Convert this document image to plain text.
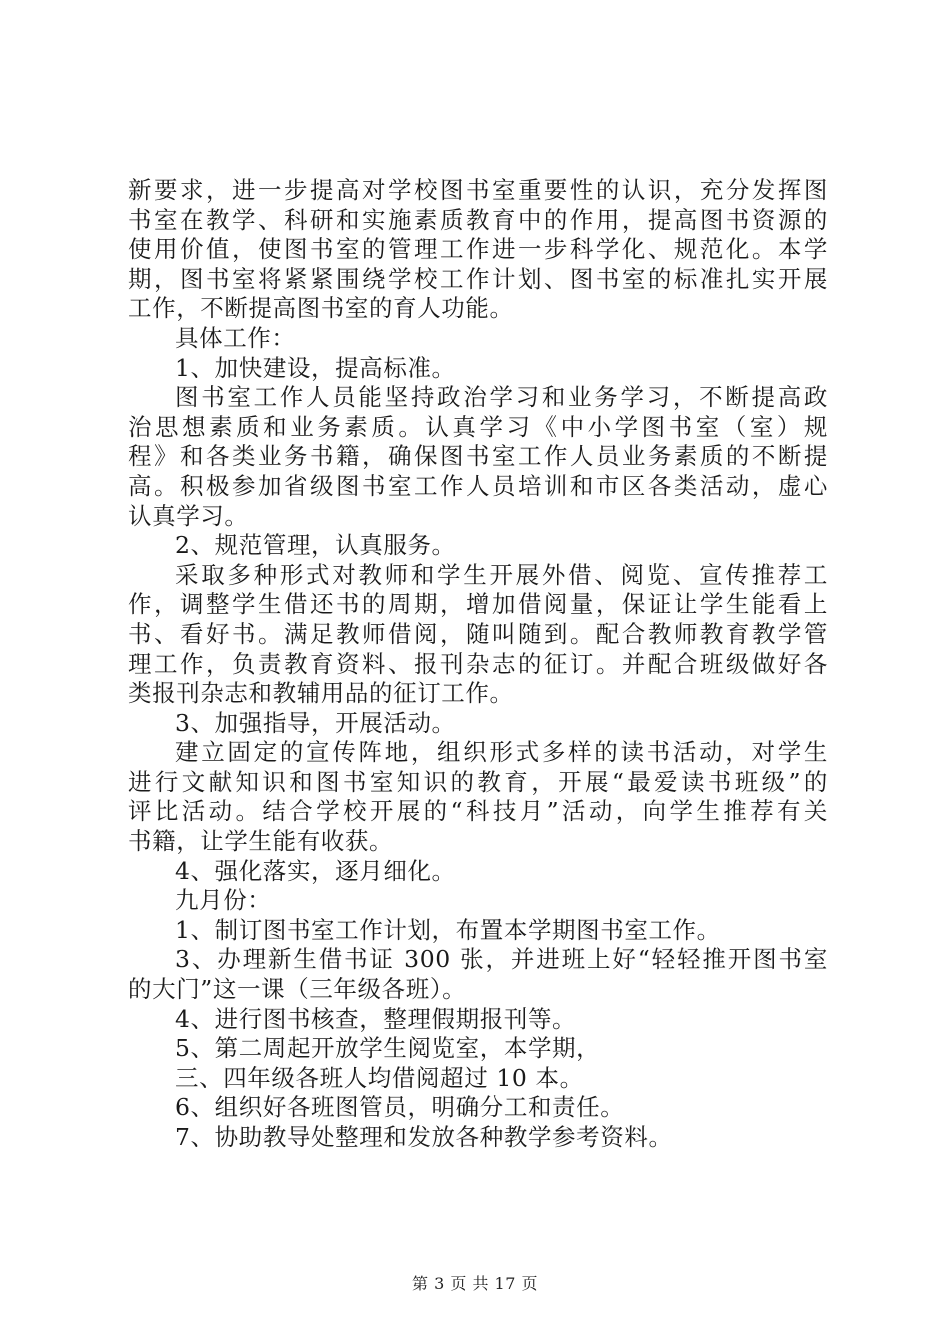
新要求，进一步提高对学校图书室重要性的认识，充分发挥图
书室在教学、科研和实施素质教育中的作用，提高图书资源的
使用价值，使图书室的管理工作进一步科学化、规范化。本学
期，图书室将紧紧围绕学校工作计划、图书室的标准扎实开展
工作，不断提高图书室的育人功能。
具体工作：
1、加快建设，提高标准。
图书室工作人员能坚持政治学习和业务学习，不断提高政
治思想素质和业务素质。认真学习《中小学图书室（室）规
程》和各类业务书籍，确保图书室工作人员业务素质的不断提
高。积极参加省级图书室工作人员培训和市区各类活动，虚心
认真学习。
2、规范管理，认真服务。
采取多种形式对教师和学生开展外借、阅览、宣传推荐工
作，调整学生借还书的周期，增加借阅量，保证让学生能看上
书、看好书。满足教师借阅，随叫随到。配合教师教育教学管
理工作，负责教育资料、报刊杂志的征订。并配合班级做好各
类报刊杂志和教辅用品的征订工作。
3、加强指导，开展活动。
建立固定的宣传阵地，组织形式多样的读书活动，对学生
进行文献知识和图书室知识的教育，开展“最爱读书班级”的
评比活动。结合学校开展的“科技月”活动，向学生推荐有关
书籍，让学生能有收获。
4、强化落实，逐月细化。
九月份：
1、制订图书室工作计划，布置本学期图书室工作。
3、办理新生借书证 300 张，并进班上好“轻轻推开图书室
的大门”这一课（三年级各班）。
4、进行图书核查，整理假期报刊等。
5、第二周起开放学生阅览室，本学期，
三、四年级各班人均借阅超过 10 本。
6、组织好各班图管员，明确分工和责任。
7、协助教导处整理和发放各种教学参考资料。
第 3 页 共 17 页
